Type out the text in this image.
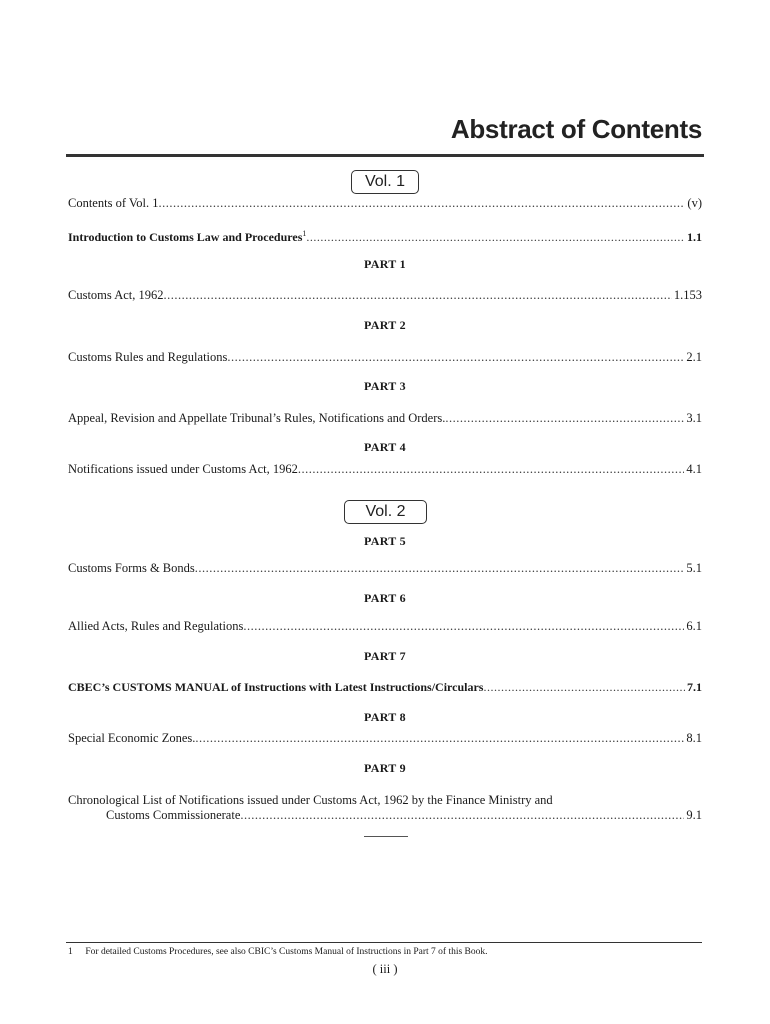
Abstract of Contents
Vol. 1
Contents of Vol. 1 .....	(v)
Introduction to Customs Law and Procedures$^1$ .....	1.1
PART 1
Customs Act, 1962 .....	1.153
PART 2
Customs Rules and Regulations .....	2.1
PART 3
Appeal, Revision and Appellate Tribunal’s Rules, Notifications and Orders. .....	3.1
PART 4
Notifications issued under Customs Act, 1962 .....	4.1
Vol. 2
PART 5
Customs Forms & Bonds .....	5.1
PART 6
Allied Acts, Rules and Regulations .....	6.1
PART 7
CBEC’s CUSTOMS MANUAL of Instructions with Latest Instructions/Circulars .....	7.1
PART 8
Special Economic Zones. .....	8.1
PART 9
Chronological List of Notifications issued under Customs Act, 1962 by the Finance Ministry and
Customs Commissionerate .....	9.1
1 For detailed Customs Procedures, see also CBIC’s Customs Manual of Instructions in Part 7 of this Book.
( iii )
